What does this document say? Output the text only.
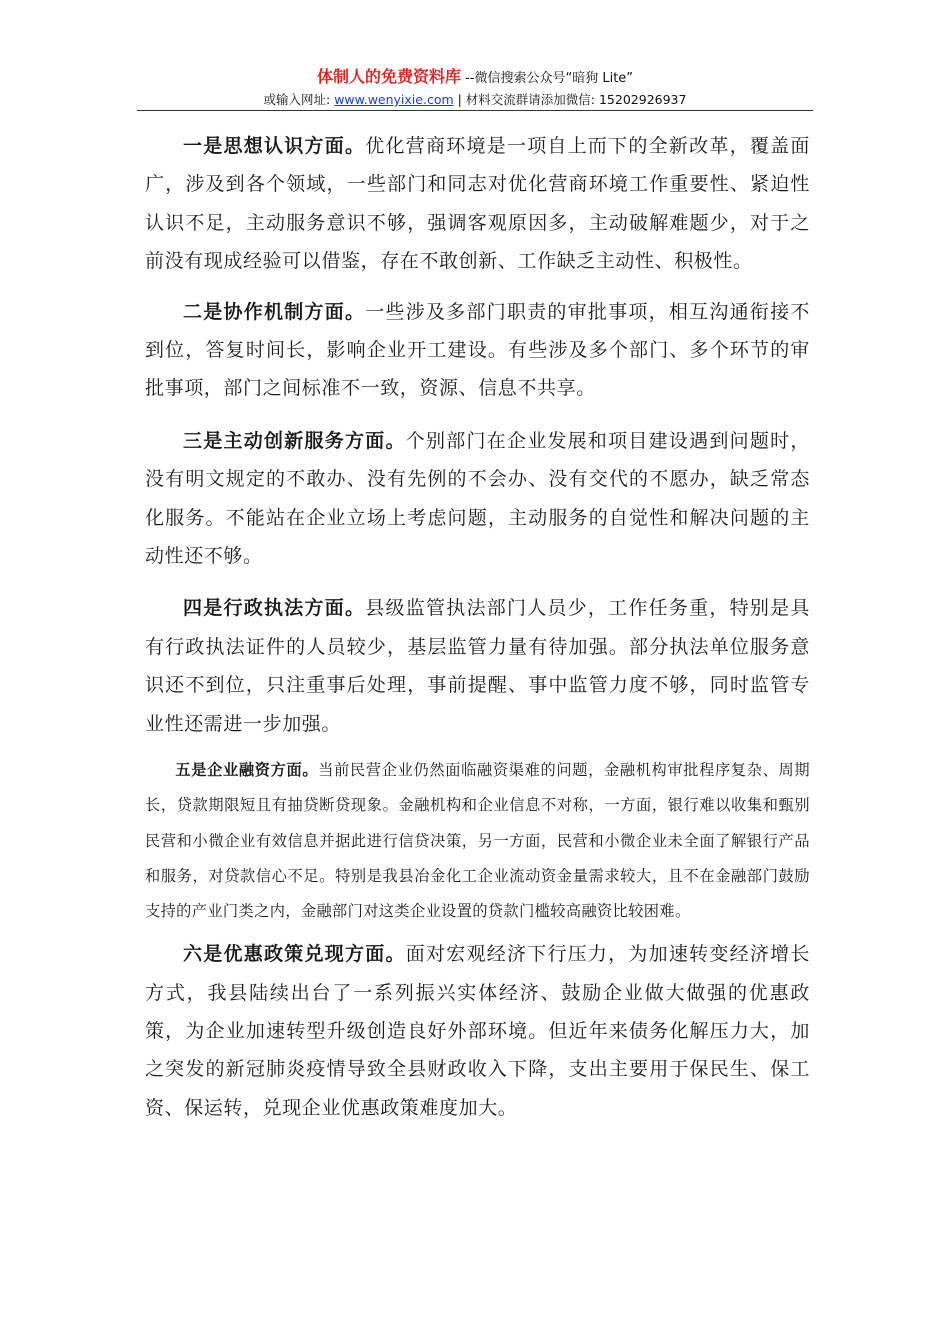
体制人的免费资料库 --微信搜索公众号“暗狗 Lite”
或输入网址: www.wenyixie.com | 材料交流群请添加微信: 15202926937

一是思想认识方面。优化营商环境是一项自上而下的全新改革，覆盖面广，涉及到各个领域，一些部门和同志对优化营商环境工作重要性、紧迫性认识不足，主动服务意识不够，强调客观原因多，主动破解难题少，对于之前没有现成经验可以借鉴，存在不敢创新、工作缺乏主动性、积极性。

二是协作机制方面。一些涉及多部门职责的审批事项，相互沟通衔接不到位，答复时间长，影响企业开工建设。有些涉及多个部门、多个环节的审批事项，部门之间标准不一致，资源、信息不共享。

三是主动创新服务方面。个别部门在企业发展和项目建设遇到问题时，没有明文规定的不敢办、没有先例的不会办、没有交代的不愿办，缺乏常态化服务。不能站在企业立场上考虑问题，主动服务的自觉性和解决问题的主动性还不够。

四是行政执法方面。县级监管执法部门人员少，工作任务重，特别是具有行政执法证件的人员较少，基层监管力量有待加强。部分执法单位服务意识还不到位，只注重事后处理，事前提醒、事中监管力度不够，同时监管专业性还需进一步加强。

五是企业融资方面。当前民营企业仍然面临融资渠难的问题，金融机构审批程序复杂、周期长，贷款期限短且有抽贷断贷现象。金融机构和企业信息不对称，一方面，银行难以收集和甄别民营和小微企业有效信息并据此进行信贷决策，另一方面，民营和小微企业未全面了解银行产品和服务，对贷款信心不足。特别是我县冶金化工企业流动资金量需求较大，且不在金融部门鼓励支持的产业门类之内，金融部门对这类企业设置的贷款门槛较高融资比较困难。

六是优惠政策兑现方面。面对宏观经济下行压力，为加速转变经济增长方式，我县陆续出台了一系列振兴实体经济、鼓励企业做大做强的优惠政策，为企业加速转型升级创造良好外部环境。但近年来债务化解压力大，加之突发的新冠肺炎疫情导致全县财政收入下降，支出主要用于保民生、保工资、保运转，兑现企业优惠政策难度加大。
